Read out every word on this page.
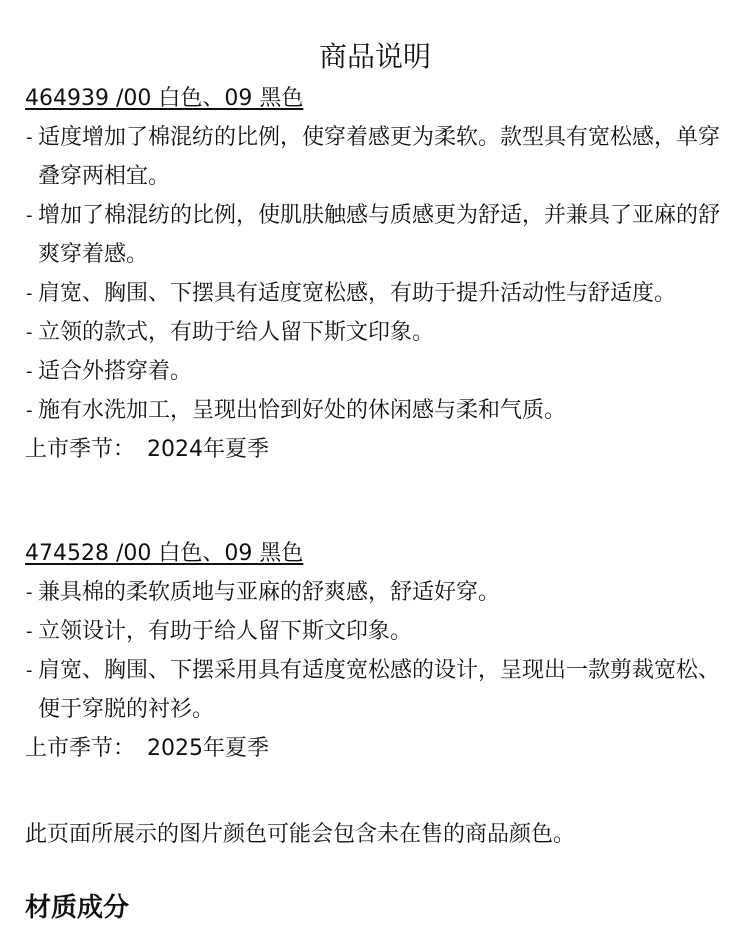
商品说明
464939 /00 白色、09 黑色
- 适度增加了棉混纺的比例，使穿着感更为柔软。款型具有宽松感，单穿叠穿两相宜。
- 增加了棉混纺的比例，使肌肤触感与质感更为舒适，并兼具了亚麻的舒爽穿着感。
- 肩宽、胸围、下摆具有适度宽松感，有助于提升活动性与舒适度。
- 立领的款式，有助于给人留下斯文印象。
- 适合外搭穿着。
- 施有水洗加工，呈现出恰到好处的休闲感与柔和气质。
上市季节： 2024年夏季
474528 /00 白色、09 黑色
- 兼具棉的柔软质地与亚麻的舒爽感，舒适好穿。
- 立领设计，有助于给人留下斯文印象。
- 肩宽、胸围、下摆采用具有适度宽松感的设计，呈现出一款剪裁宽松、便于穿脱的衬衫。
上市季节： 2025年夏季

此页面所展示的图片颜色可能会包含未在售的商品颜色。

材质成分
